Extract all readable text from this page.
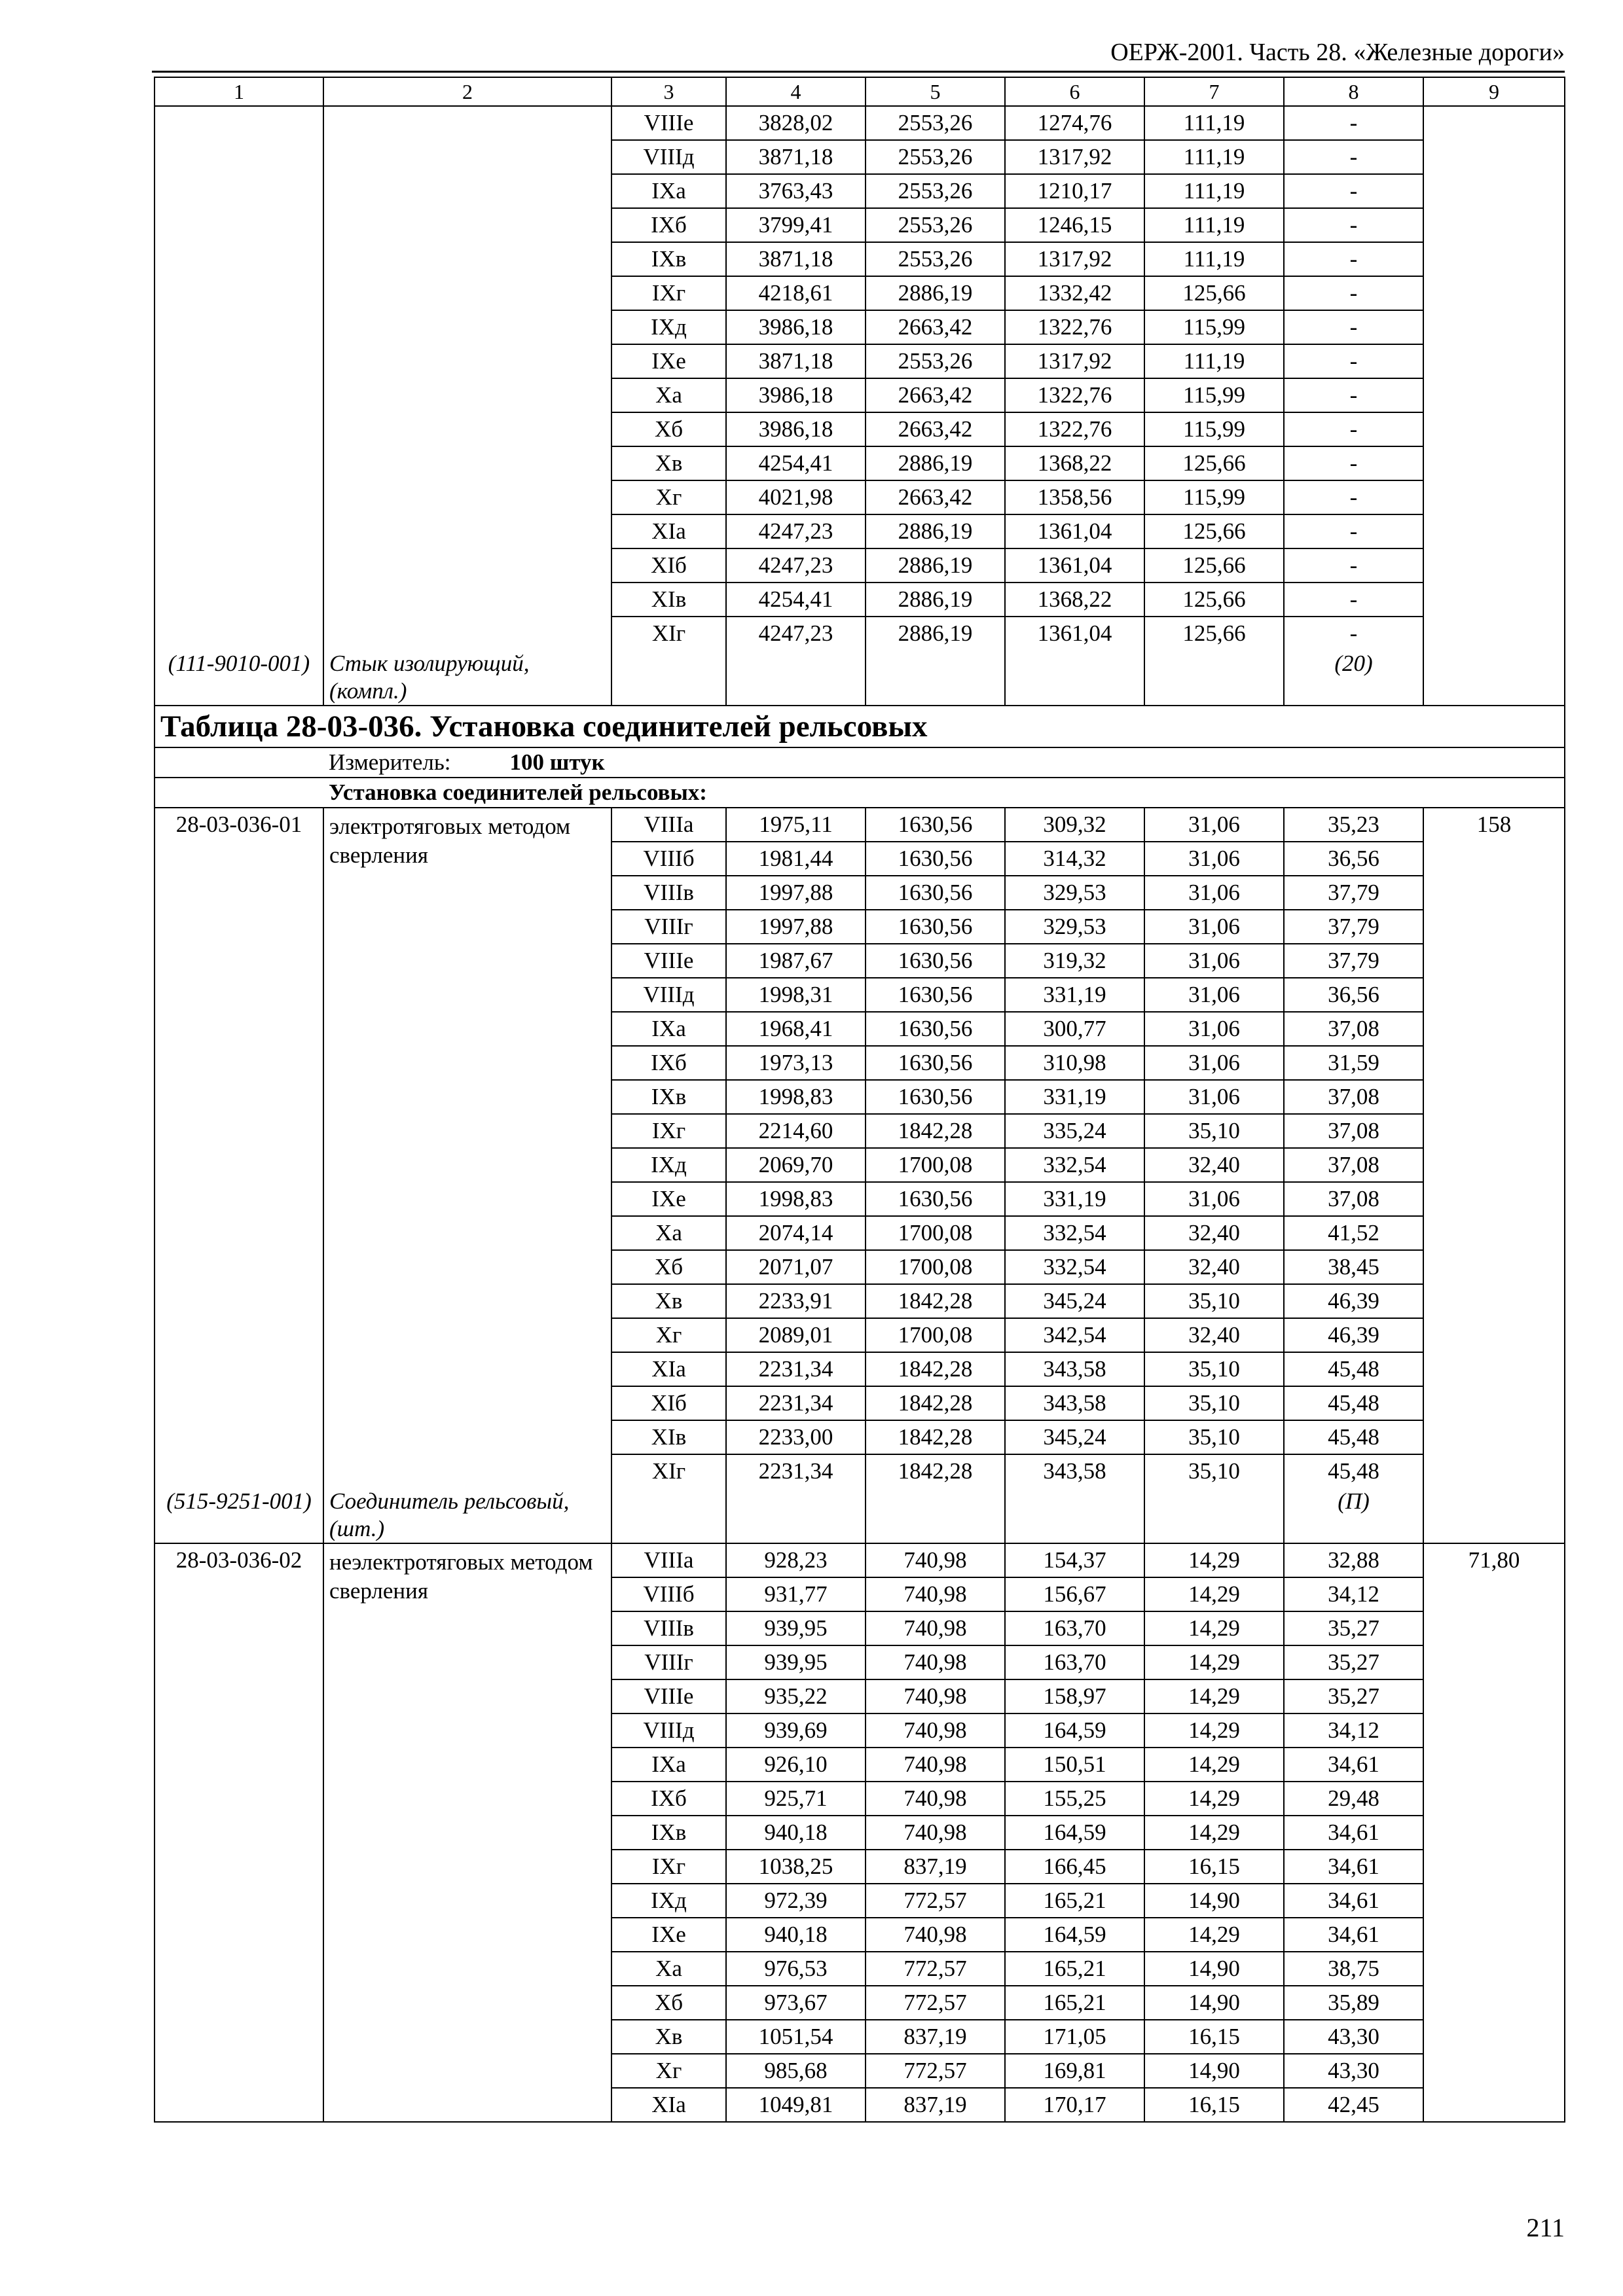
ОЕРЖ-2001. Часть 28. «Железные дороги»
1	2	3	4	5	6	7	8	9
		VIIIе	3828,02	2553,26	1274,76	111,19	-	
		VIIIд	3871,18	2553,26	1317,92	111,19	-	
		IXа	3763,43	2553,26	1210,17	111,19	-	
		IXб	3799,41	2553,26	1246,15	111,19	-	
		IXв	3871,18	2553,26	1317,92	111,19	-	
		IXг	4218,61	2886,19	1332,42	125,66	-	
		IXд	3986,18	2663,42	1322,76	115,99	-	
		IXе	3871,18	2553,26	1317,92	111,19	-	
		Xа	3986,18	2663,42	1322,76	115,99	-	
		Xб	3986,18	2663,42	1322,76	115,99	-	
		Xв	4254,41	2886,19	1368,22	125,66	-	
		Xг	4021,98	2663,42	1358,56	115,99	-	
		XIа	4247,23	2886,19	1361,04	125,66	-	
		XIб	4247,23	2886,19	1361,04	125,66	-	
		XIв	4254,41	2886,19	1368,22	125,66	-	
		XIг	4247,23	2886,19	1361,04	125,66	-	
(111-9010-001)	Стык изолирующий, (компл.)						(20)	
Таблица 28-03-036. Установка соединителей рельсовых								
	Измеритель: 100 штук							
	Установка соединителей рельсовых:							
28-03-036-01	электротяговых методом сверления	VIIIа	1975,11	1630,56	309,32	31,06	35,23	158
		VIIIб	1981,44	1630,56	314,32	31,06	36,56	
		VIIIв	1997,88	1630,56	329,53	31,06	37,79	
		VIIIг	1997,88	1630,56	329,53	31,06	37,79	
		VIIIе	1987,67	1630,56	319,32	31,06	37,79	
		VIIIд	1998,31	1630,56	331,19	31,06	36,56	
		IXа	1968,41	1630,56	300,77	31,06	37,08	
		IXб	1973,13	1630,56	310,98	31,06	31,59	
		IXв	1998,83	1630,56	331,19	31,06	37,08	
		IXг	2214,60	1842,28	335,24	35,10	37,08	
		IXд	2069,70	1700,08	332,54	32,40	37,08	
		IXе	1998,83	1630,56	331,19	31,06	37,08	
		Xа	2074,14	1700,08	332,54	32,40	41,52	
		Xб	2071,07	1700,08	332,54	32,40	38,45	
		Xв	2233,91	1842,28	345,24	35,10	46,39	
		Xг	2089,01	1700,08	342,54	32,40	46,39	
		XIа	2231,34	1842,28	343,58	35,10	45,48	
		XIб	2231,34	1842,28	343,58	35,10	45,48	
		XIв	2233,00	1842,28	345,24	35,10	45,48	
		XIг	2231,34	1842,28	343,58	35,10	45,48	
(515-9251-001)	Соединитель рельсовый, (шт.)						(П)	
28-03-036-02	неэлектротяговых методом сверления	VIIIа	928,23	740,98	154,37	14,29	32,88	71,80
		VIIIб	931,77	740,98	156,67	14,29	34,12	
		VIIIв	939,95	740,98	163,70	14,29	35,27	
		VIIIг	939,95	740,98	163,70	14,29	35,27	
		VIIIе	935,22	740,98	158,97	14,29	35,27	
		VIIIд	939,69	740,98	164,59	14,29	34,12	
		IXа	926,10	740,98	150,51	14,29	34,61	
		IXб	925,71	740,98	155,25	14,29	29,48	
		IXв	940,18	740,98	164,59	14,29	34,61	
		IXг	1038,25	837,19	166,45	16,15	34,61	
		IXд	972,39	772,57	165,21	14,90	34,61	
		IXе	940,18	740,98	164,59	14,29	34,61	
		Xа	976,53	772,57	165,21	14,90	38,75	
		Xб	973,67	772,57	165,21	14,90	35,89	
		Xв	1051,54	837,19	171,05	16,15	43,30	
		Xг	985,68	772,57	169,81	14,90	43,30	
		XIа	1049,81	837,19	170,17	16,15	42,45	
211
